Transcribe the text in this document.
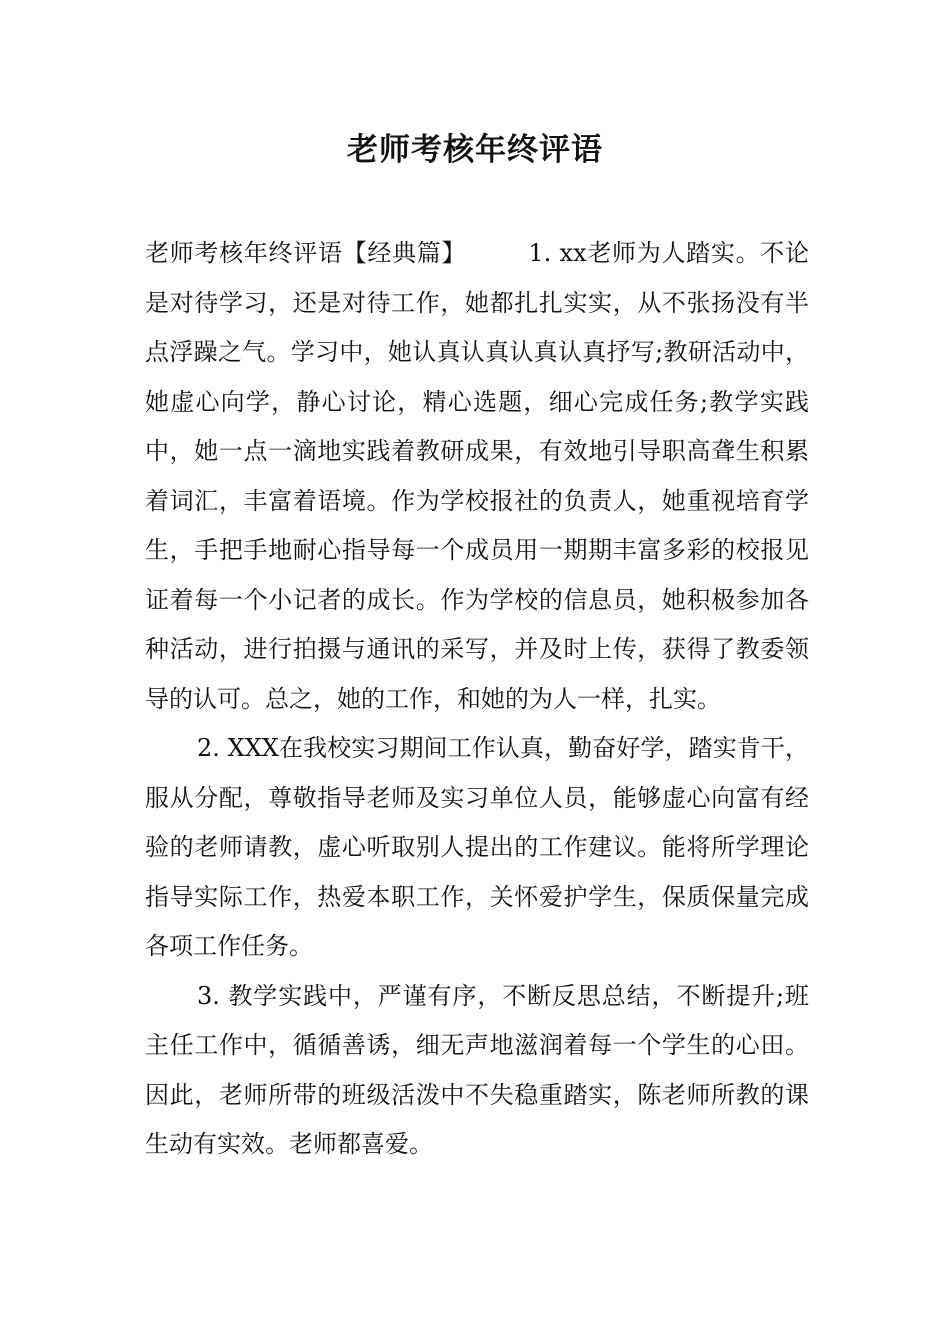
老师考核年终评语

老师考核年终评语【经典篇】　　　1. xx老师为人踏实。不论是对待学习，还是对待工作，她都扎扎实实，从不张扬没有半点浮躁之气。学习中，她认真认真认真认真抒写;教研活动中，她虚心向学，静心讨论，精心选题，细心完成任务;教学实践中，她一点一滴地实践着教研成果，有效地引导职高聋生积累着词汇，丰富着语境。作为学校报社的负责人，她重视培育学生，手把手地耐心指导每一个成员用一期期丰富多彩的校报见证着每一个小记者的成长。作为学校的信息员，她积极参加各种活动，进行拍摄与通讯的采写，并及时上传，获得了教委领导的认可。总之，她的工作，和她的为人一样，扎实。

2. XXX在我校实习期间工作认真，勤奋好学，踏实肯干，服从分配，尊敬指导老师及实习单位人员，能够虚心向富有经验的老师请教，虚心听取别人提出的工作建议。能将所学理论指导实际工作，热爱本职工作，关怀爱护学生，保质保量完成各项工作任务。

3. 教学实践中，严谨有序，不断反思总结，不断提升;班主任工作中，循循善诱，细无声地滋润着每一个学生的心田。因此，老师所带的班级活泼中不失稳重踏实，陈老师所教的课生动有实效。老师都喜爱。
